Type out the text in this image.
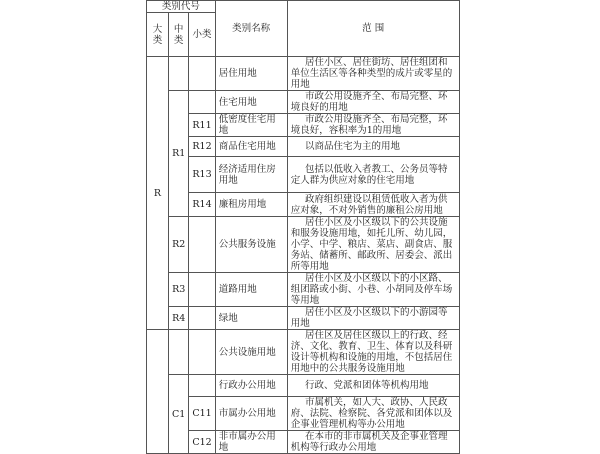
类别代号			类别名称	范 围
大类	中类	小类		
R			居住用地	居住小区、居住街坊、居住组团和单位生活区等各种类型的成片或零星的用地
	R1		住宅用地	市政公用设施齐全、布局完整、环境良好的用地
		R11	低密度住宅用地	市政公用设施齐全、布局完整，环境良好，容积率为1的用地
		R12	商品住宅用地	以商品住宅为主的用地
		R13	经济适用住房用地	包括以低收入者教工、公务员等特定人群为供应对象的住宅用地
		R14	廉租房用地	政府组织建设以租赁低收入者为供应对象，不对外销售的廉租公房用地
	R2		公共服务设施	居住小区及小区级以下的公共设施和服务设施用地，如托儿所、幼儿园，小学、中学、粮店、菜店、副食店、服务站、储蓄所、邮政所、居委会、派出所等用地
	R3		道路用地	居住小区及小区级以下的小区路、组团路或小街、小巷、小胡同及停车场等用地
	R4		绿地	居住小区及小区级以下的小游园等用地
			公共设施用地	居住区及居住区级以上的行政、经济、文化、教育、卫生、体育以及科研设计等机构和设施的用地，不包括居住用地中的公共服务设施用地
	C1		行政办公用地	行政、党派和团体等机构用地
		C11	市属办公用地	市属机关，如人大、政协、人民政府、法院、检察院、各党派和团体以及企事业管理机构等办公用地
		C12	非市属办公用地	在本市的非市属机关及企事业管理机构等行政办公用地
